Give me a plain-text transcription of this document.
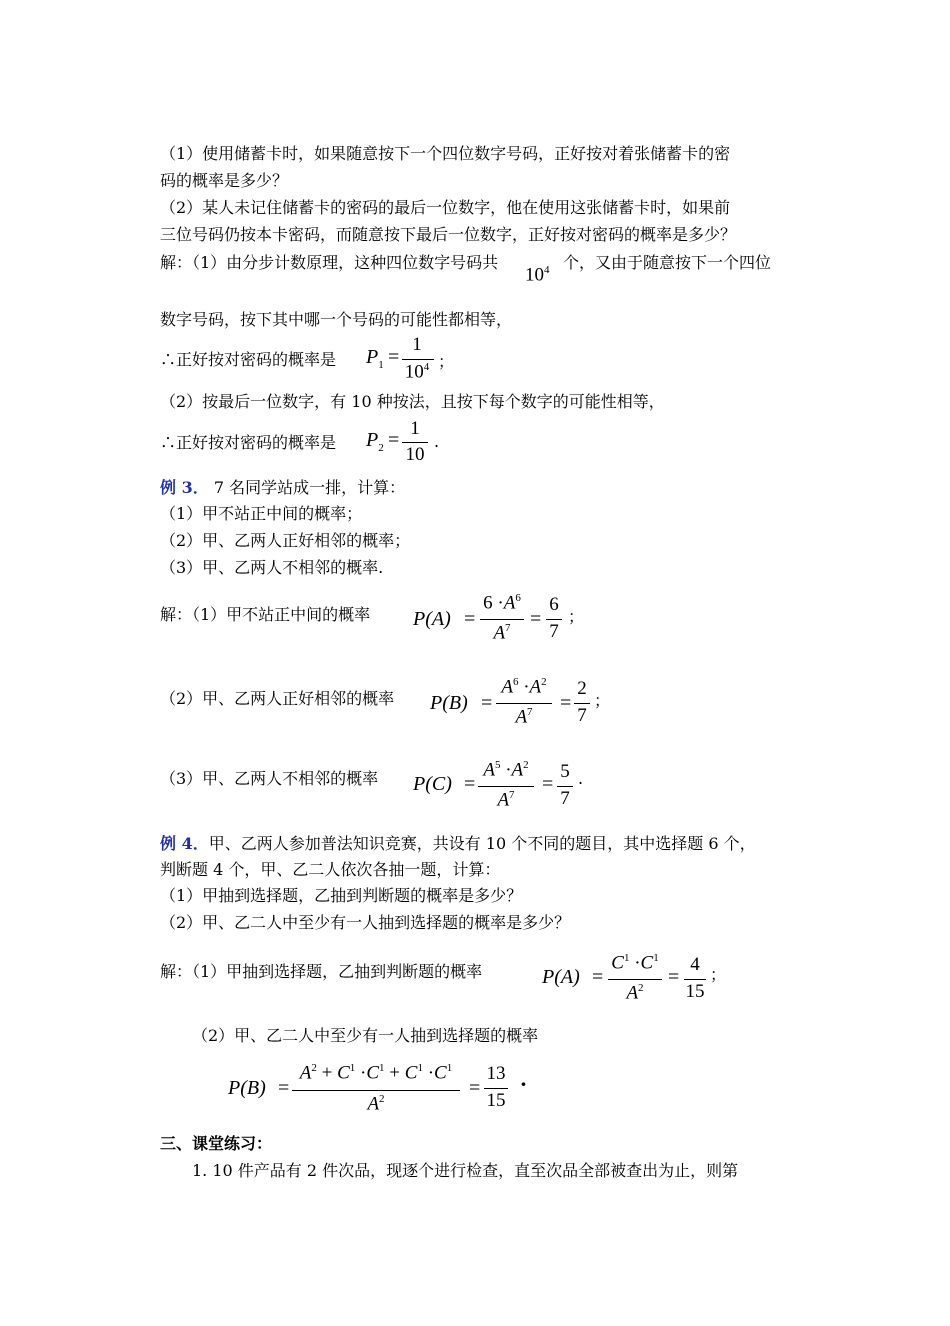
（1）使用储蓄卡时，如果随意按下一个四位数字号码，正好按对着张储蓄卡的密
码的概率是多少？
（2）某人未记住储蓄卡的密码的最后一位数字，他在使用这张储蓄卡时，如果前
三位号码仍按本卡密码，而随意按下最后一位数字，正好按对密码的概率是多少？
解：（1）由分步计数原理，这种四位数字号码共
$10^4$ 个，又由于随意按下一个四位
数字号码，按下其中哪一个号码的可能性都相等，
∴正好按对密码的概率是 $P_1$ =
1
$10^4$ ；
（2）按最后一位数字，有 10 种按法，且按下每个数字的可能性相等，
∴正好按对密码的概率是 $P_2$ =
1
10
.
例 3． 7 名同学站成一排，计算：
（1）甲不站正中间的概率；
（2）甲、乙两人正好相邻的概率；
（3）甲、乙两人不相邻的概率.
解：（1）甲不站正中间的概率 P(A) =
$6 \cdot A^6$
$A^7$ =
6
7
；
（2）甲、乙两人正好相邻的概率 P(B) =
$A^6 \cdot A^2$
$A^7$	=
2
7
；
（3）甲、乙两人不相邻的概率 P(C) =
$A^5 \cdot A^2$
$A^7$	=
5
7
.
例 4．甲、乙两人参加普法知识竞赛，共设有 10 个不同的题目，其中选择题 6 个，
判断题 4 个，甲、乙二人依次各抽一题，计算：
（1）甲抽到选择题，乙抽到判断题的概率是多少？
（2）甲、乙二人中至少有一人抽到选择题的概率是多少？
解：（1）甲抽到选择题，乙抽到判断题的概率	P(A) =
$C^1 \cdot C^1$
$A^2$	=
4
15
；
（2）甲、乙二人中至少有一人抽到选择题的概率
P(B) =
$A^2 + C^1 \cdot C^1 + C^1 \cdot C^1$
$A^2$	=
13
15
·
三、课堂练习：
1. 10 件产品有 2 件次品，现逐个进行检查，直至次品全部被查出为止，则第
